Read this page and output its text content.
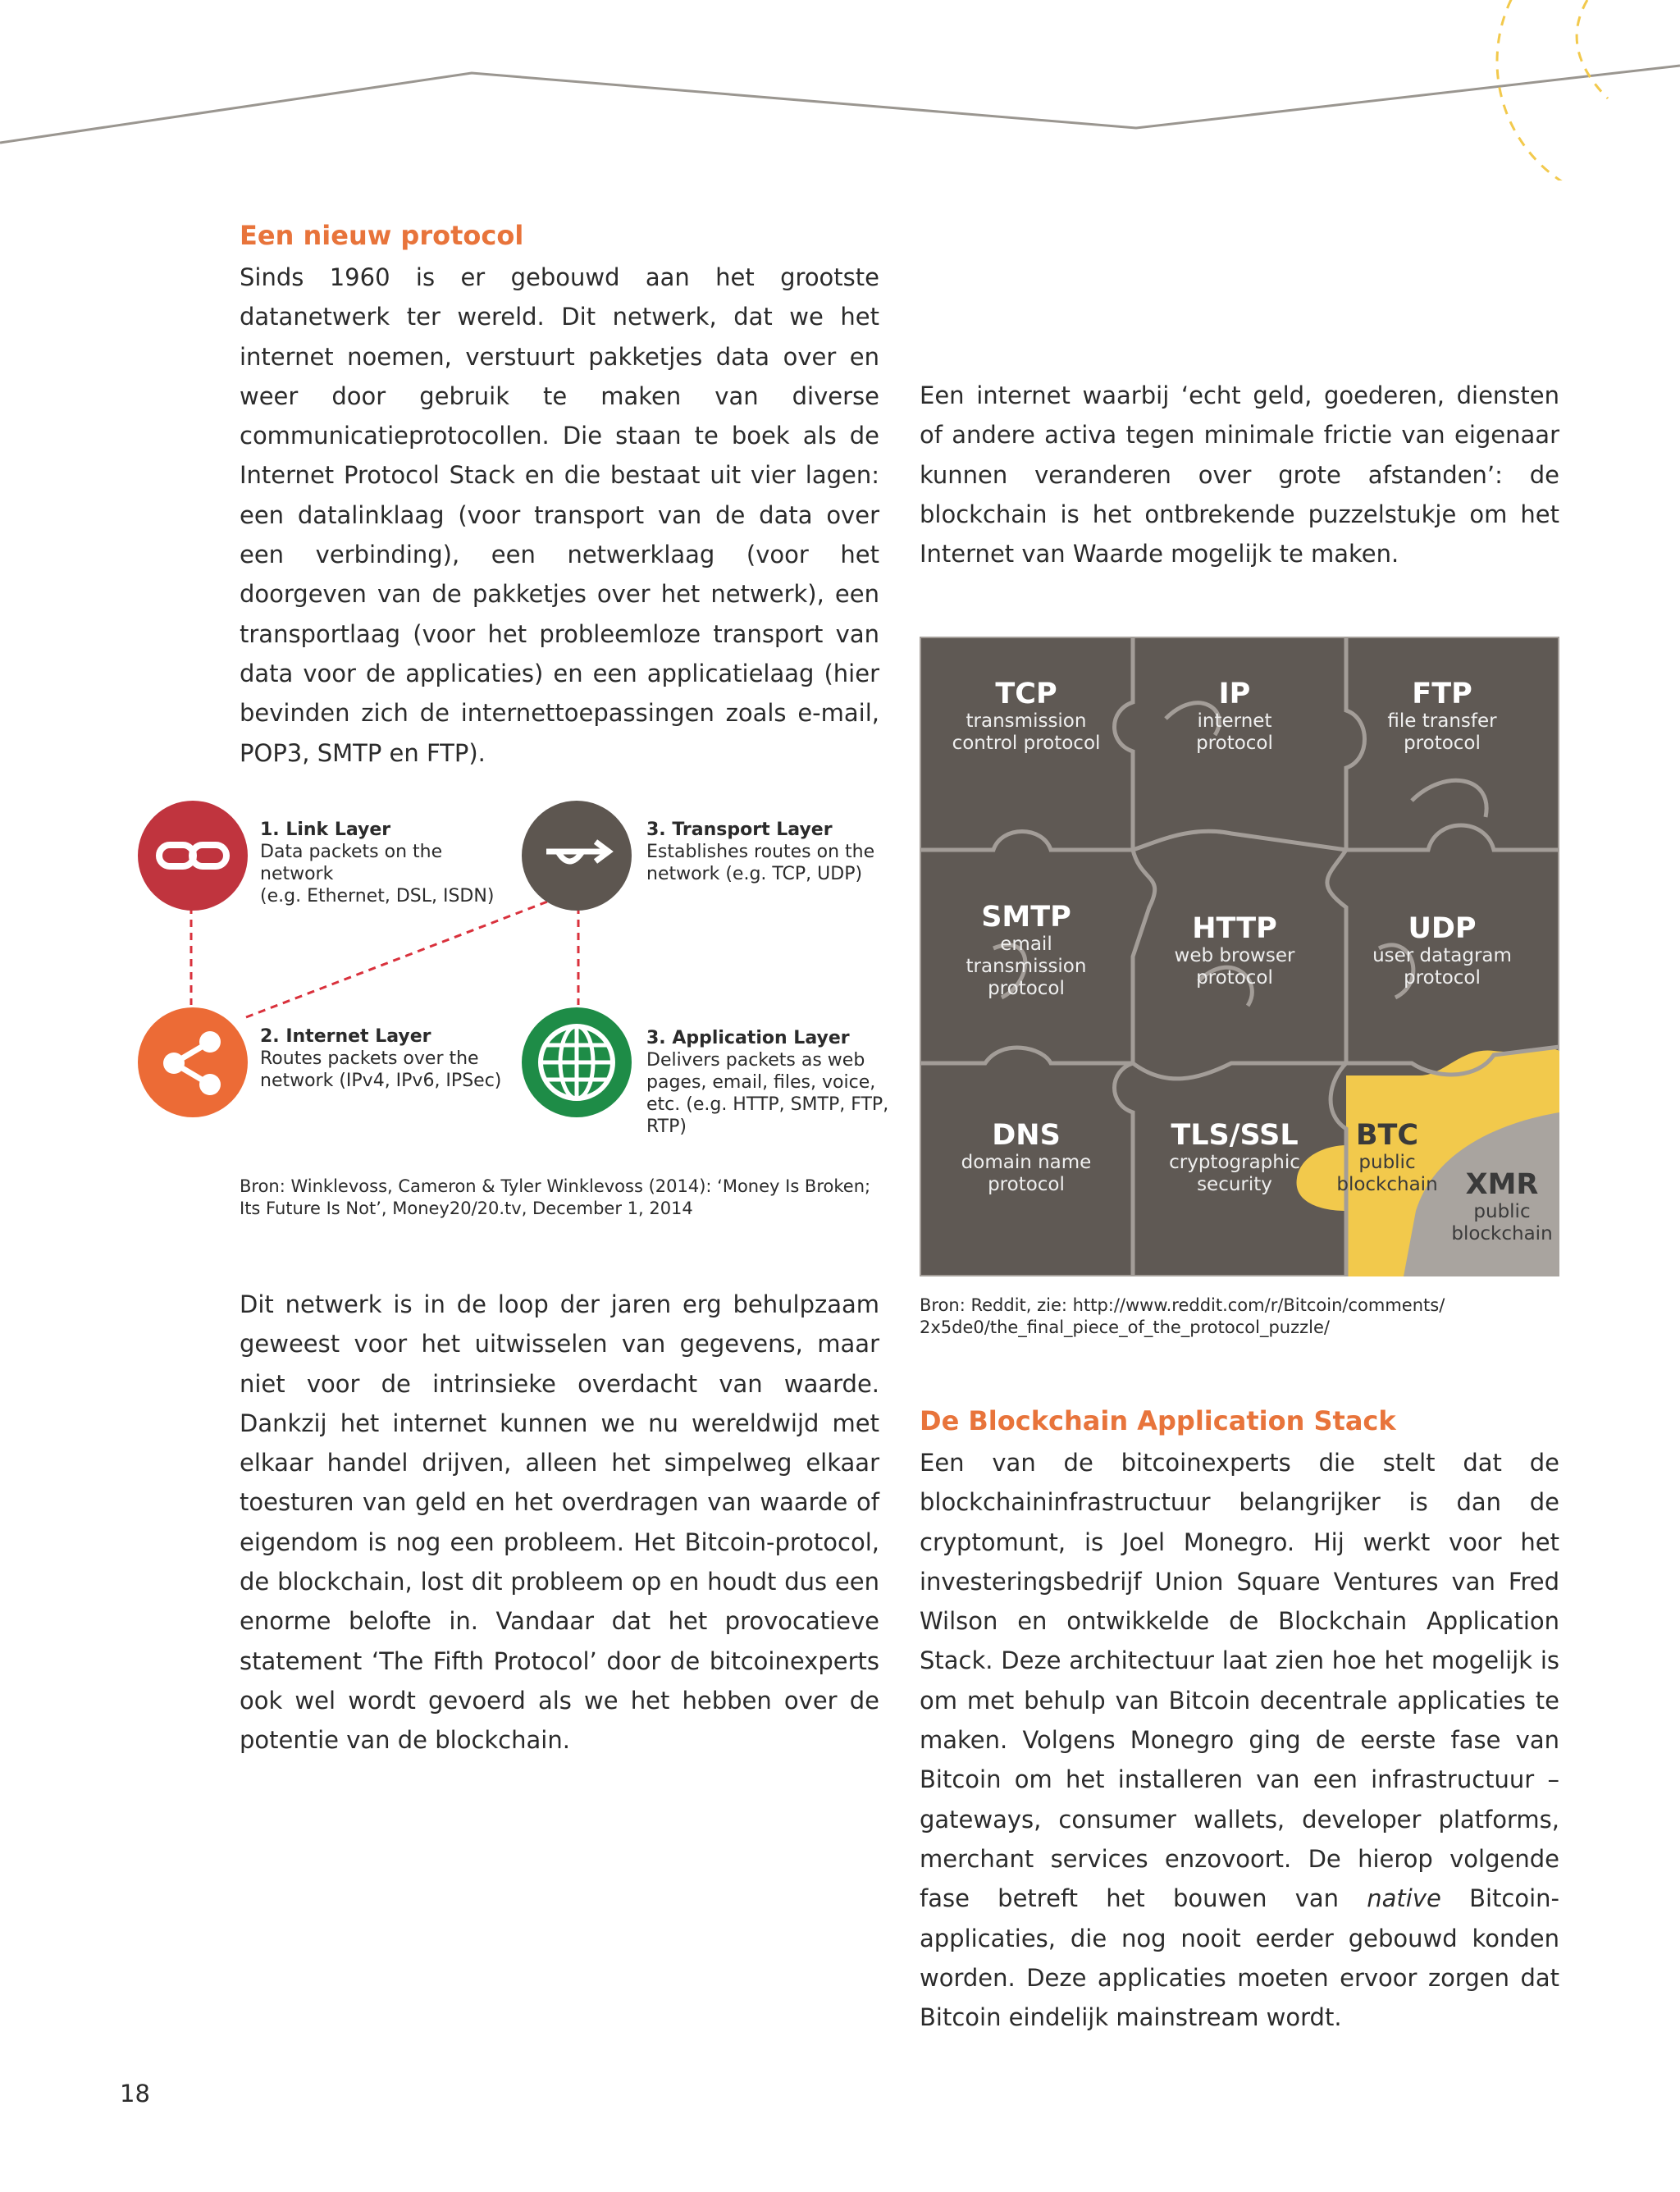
Een nieuw protocol

Sinds 1960 is er gebouwd aan het grootste datanetwerk ter wereld. Dit netwerk, dat we het internet noemen, verstuurt pakketjes data over en weer door gebruik te maken van diverse communicatieprotocollen. Die staan te boek als de Internet Protocol Stack en die bestaat uit vier lagen: een datalinklaag (voor transport van de data over een verbinding), een netwerklaag (voor het doorgeven van de pakketjes over het netwerk), een transportlaag (voor het probleemloze transport van data voor de applicaties) en een applicatielaag (hier bevinden zich de internettoepassingen zoals e-mail, POP3, SMTP en FTP).

1. Link Layer
Data packets on the
network
(e.g. Ethernet, DSL, ISDN)
3. Transport Layer
Establishes routes on the
network (e.g. TCP, UDP)
2. Internet Layer
Routes packets over the
network (IPv4, IPv6, IPSec)
3. Application Layer
Delivers packets as web
pages, email, files, voice,
etc. (e.g. HTTP, SMTP, FTP,
RTP)

Bron: Winklevoss, Cameron & Tyler Winklevoss (2014): ‘Money Is Broken; Its Future Is Not’, Money20/20.tv, December 1, 2014

Dit netwerk is in de loop der jaren erg behulpzaam geweest voor het uitwisselen van gegevens, maar niet voor de intrinsieke overdacht van waarde. Dankzij het internet kunnen we nu wereldwijd met elkaar handel drijven, alleen het simpelweg elkaar toesturen van geld en het overdragen van waarde of eigendom is nog een probleem. Het Bitcoin-protocol, de blockchain, lost dit probleem op en houdt dus een enorme belofte in. Vandaar dat het provocatieve statement ‘The Fifth Protocol’ door de bitcoinexperts ook wel wordt gevoerd als we het hebben over de potentie van de blockchain.

Een internet waarbij ‘echt geld, goederen, diensten of andere activa tegen minimale frictie van eigenaar kunnen veranderen over grote afstanden’: de blockchain is het ontbrekende puzzelstukje om het Internet van Waarde mogelijk te maken.

TCP
transmission
control protocol
IP
internet
protocol
FTP
file transfer
protocol
SMTP
email
transmission
protocol
HTTP
web browser
protocol
UDP
user datagram
protocol
DNS
domain name
protocol
TLS/SSL
cryptographic
security
BTC
public
blockchain XMR
public
blockchain

Bron: Reddit, zie: http://www.reddit.com/r/Bitcoin/comments/
2x5de0/the_final_piece_of_the_protocol_puzzle/

De Blockchain Application Stack

Een van de bitcoinexperts die stelt dat de blockchaininfrastructuur belangrijker is dan de cryptomunt, is Joel Monegro. Hij werkt voor het investeringsbedrijf Union Square Ventures van Fred Wilson en ontwikkelde de Blockchain Application Stack. Deze architectuur laat zien hoe het mogelijk is om met behulp van Bitcoin decentrale applicaties te maken. Volgens Monegro ging de eerste fase van Bitcoin om het installeren van een infrastructuur – gateways, consumer wallets, developer platforms, merchant services enzovoort. De hierop volgende fase betreft het bouwen van native Bitcoin-applicaties, die nog nooit eerder gebouwd konden worden. Deze applicaties moeten ervoor zorgen dat Bitcoin eindelijk mainstream wordt.

18
